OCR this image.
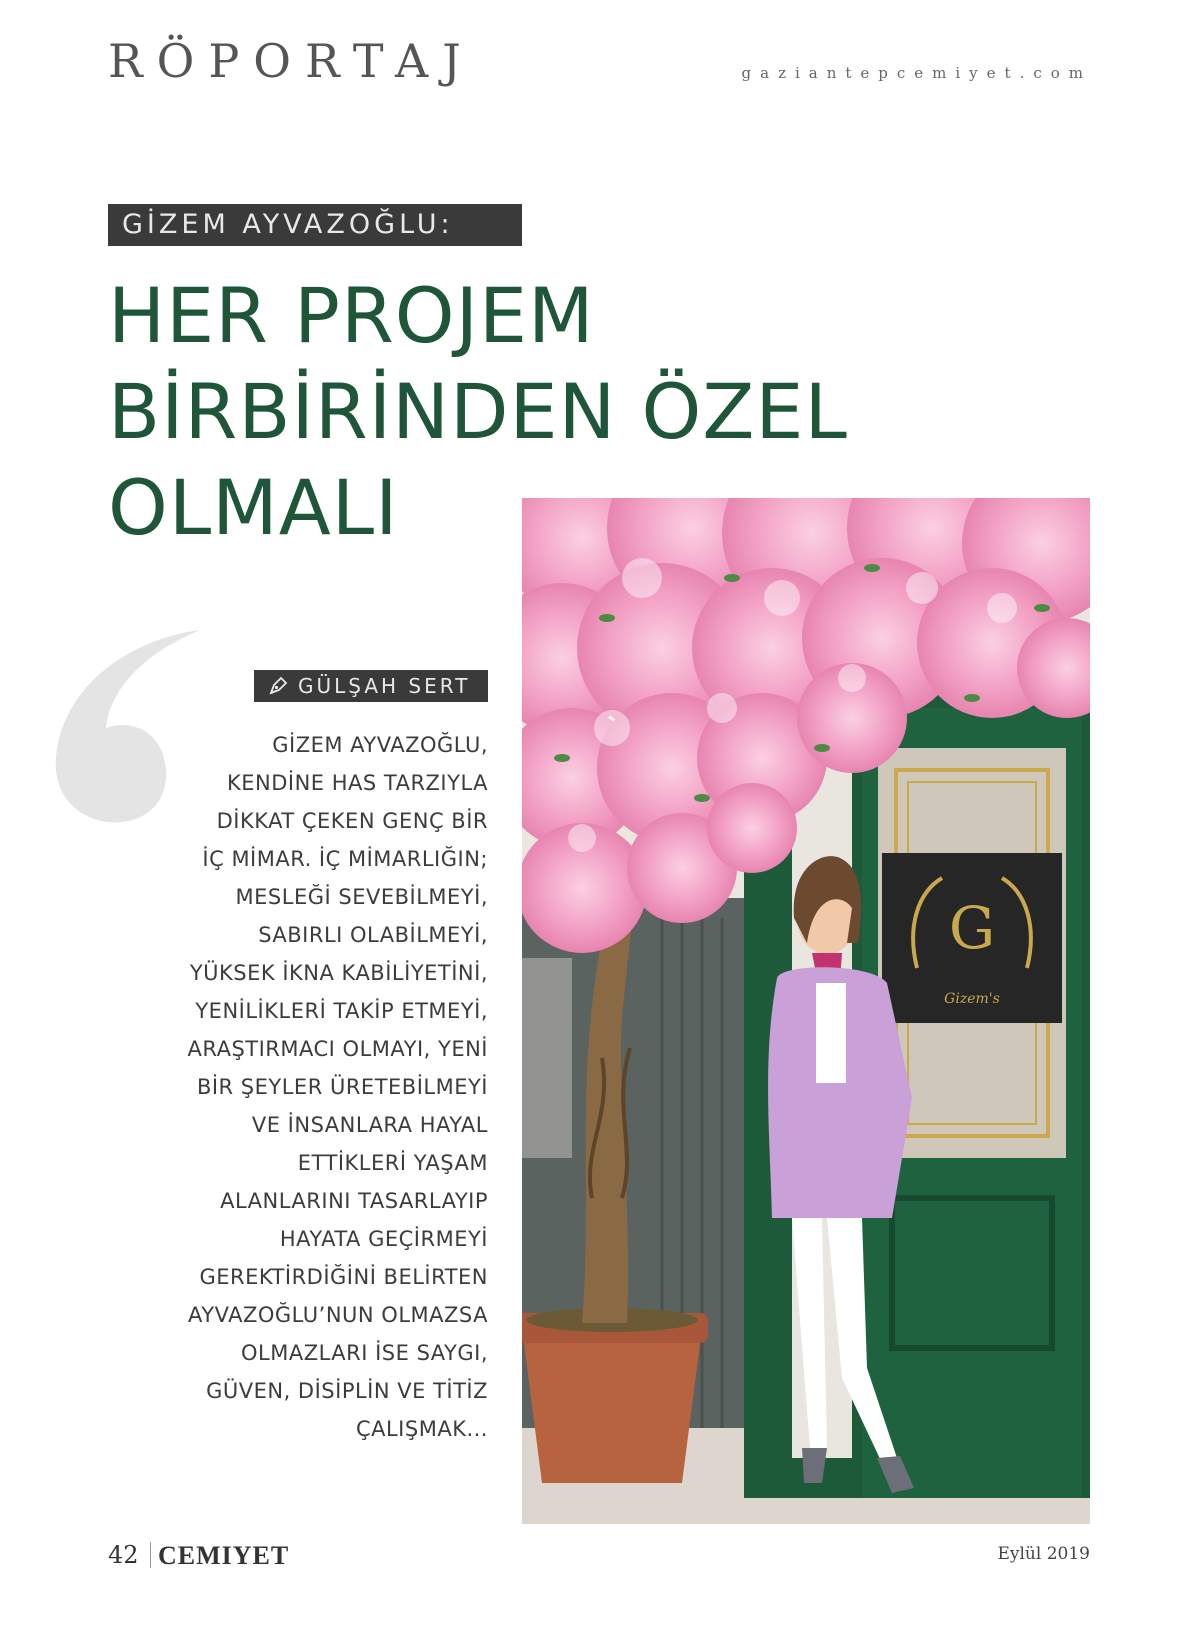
RÖPORTAJ	gaziantepcemiyet.com
GİZEM AYVAZOĞLU:
HER PROJEM
BİRBİRİNDEN ÖZEL
OLMALI
GÜLŞAH SERT
GİZEM AYVAZOĞLU,
KENDİNE HAS TARZIYLA
DİKKAT ÇEKEN GENÇ BİR
İÇ MİMAR. İÇ MİMARLIĞIN;
MESLEĞİ SEVEBİLMEYİ,
SABIRLI OLABİLMEYİ,
YÜKSEK İKNA KABİLİYETİNİ,
YENİLİKLERİ TAKİP ETMEYİ,
ARAŞTIRMACI OLMAYI, YENİ
BİR ŞEYLER ÜRETEBİLMEYİ
VE İNSANLARA HAYAL
ETTİKLERİ YAŞAM
ALANLARINI TASARLAYIP
HAYATA GEÇİRMEYİ
GEREKTİRDİĞİNİ BELİRTEN
AYVAZOĞLU’NUN OLMAZSA
OLMAZLARI İSE SAYGI,
GÜVEN, DİSİPLİN VE TİTİZ
ÇALIŞMAK...
G
Gizem's
42 CEMIYET	Eylül 2019
